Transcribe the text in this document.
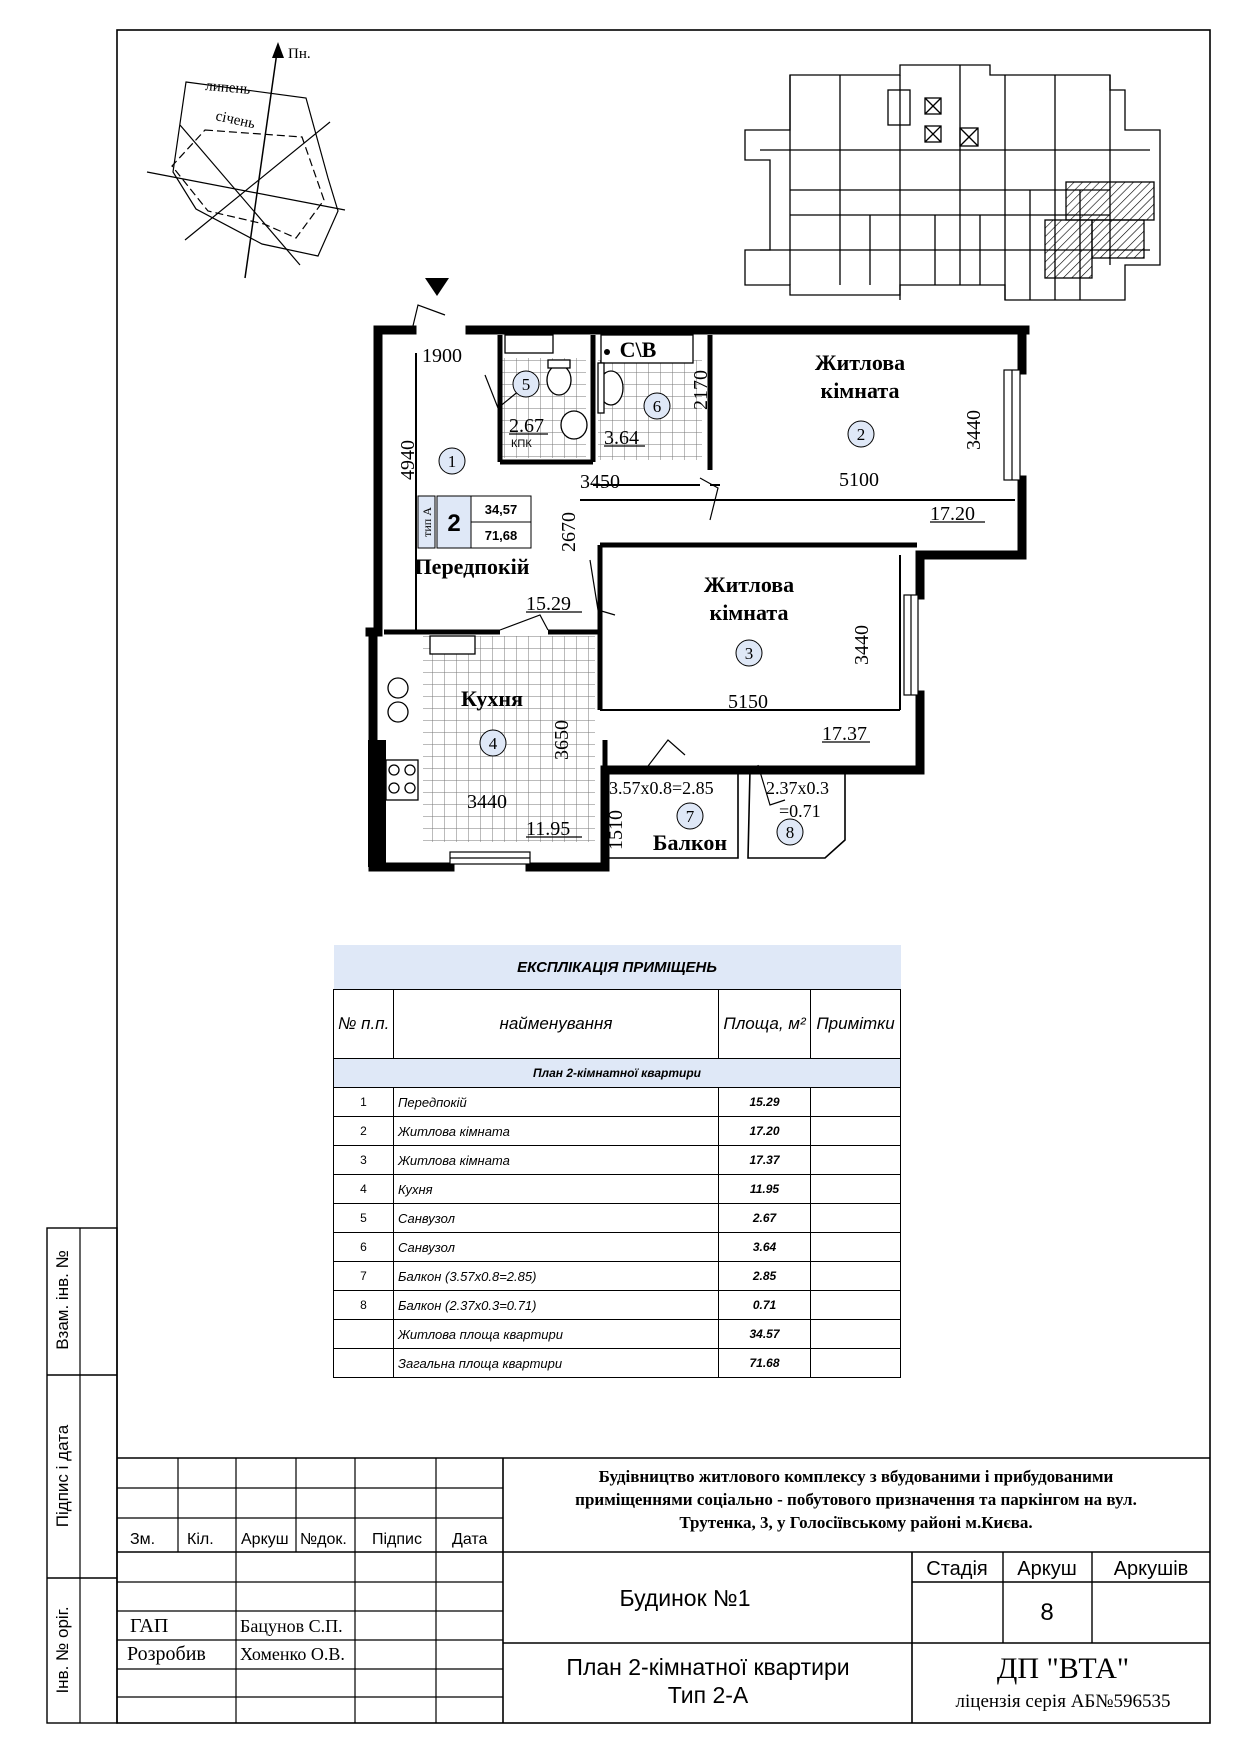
Взам. інв. №
Підпис і дата
Інв. № оріг.
Пн.
липень
січень
тип А 2
34,57
71,68
1
2
3
4
5
6
7
8
Передпокій
Житлова
кімната
Житлова
кімната
Кухня
Балкон
С\В
КПК
15.29
17.20
17.37
11.95
2.67
3.64
3.57x0.8=2.85	2.37x0.3
=0.71
1900
4940
3450
2170
5100
3440
2670
3440
5150
3650
3440
1510
Зм. Кіл. Аркуш №док. Підпис Дата
ГАП	Бацунов С.П.
Розробив Хоменко О.В.
Будівництво житлового комплексу з вбудованими і прибудованими
приміщеннями соціально - побутового призначення та паркінгом на вул.
Трутенка, 3, у Голосіївському районі м.Києва.
Будинок №1
Стадія Аркуш Аркушів
8
План 2-кімнатної квартири
Тип 2-А
ДП "ВТА"
ліцензія серія АБ№596535
ЕКСПЛІКАЦІЯ ПРИМІЩЕНЬ			
№ п.п.	найменування	Площа, м²	Примітки
План 2-кімнатної квартири			
1	Передпокій	15.29	
2	Житлова кімната	17.20	
3	Житлова кімната	17.37	
4	Кухня	11.95	
5	Санвузол	2.67	
6	Санвузол	3.64	
7	Балкон (3.57x0.8=2.85)	2.85	
8	Балкон (2.37x0.3=0.71)	0.71	
	Житлова площа квартири	34.57	
	Загальна площа квартири	71.68	
